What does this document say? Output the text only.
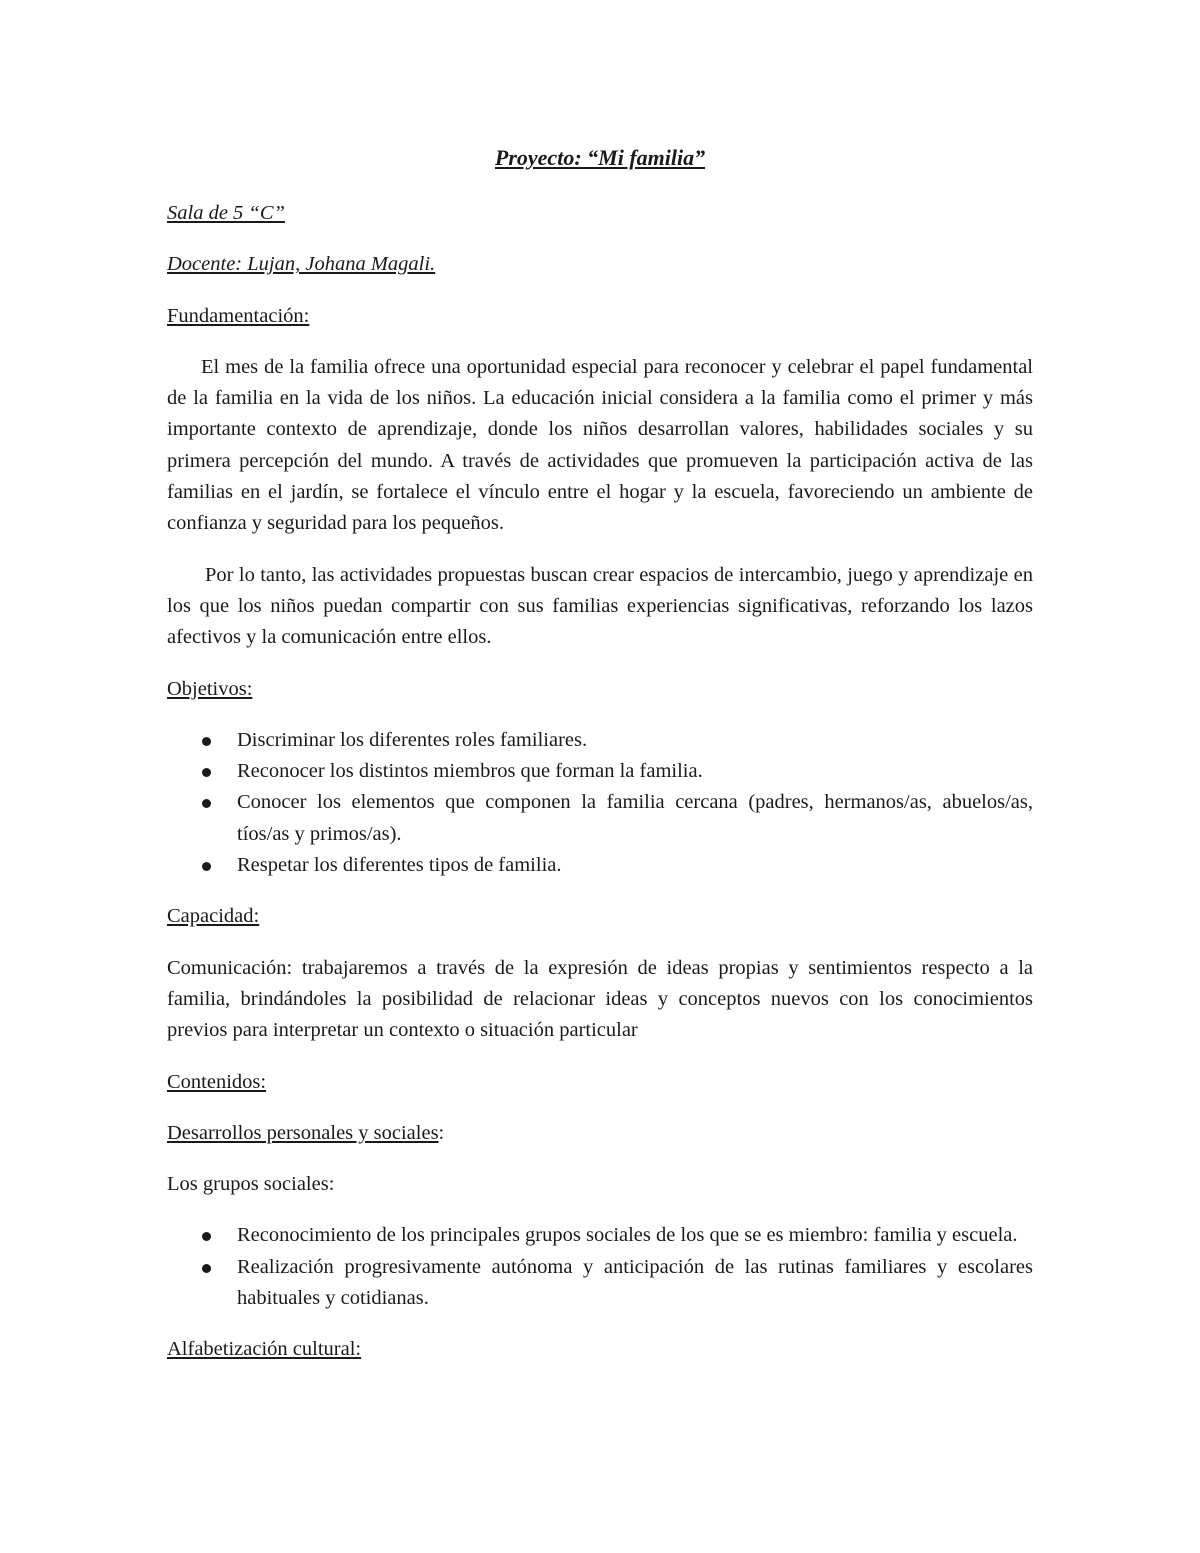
Proyecto: “Mi familia”
Sala de 5 “C”
Docente: Lujan, Johana Magali.
Fundamentación:

El mes de la familia ofrece una oportunidad especial para reconocer y celebrar el papel fundamental de la familia en la vida de los niños. La educación inicial considera a la familia como el primer y más importante contexto de aprendizaje, donde los niños desarrollan valores, habilidades sociales y su primera percepción del mundo. A través de actividades que promueven la participación activa de las familias en el jardín, se fortalece el vínculo entre el hogar y la escuela, favoreciendo un ambiente de confianza y seguridad para los pequeños.

Por lo tanto, las actividades propuestas buscan crear espacios de intercambio, juego y aprendizaje en los que los niños puedan compartir con sus familias experiencias significativas, reforzando los lazos afectivos y la comunicación entre ellos.

Objetivos:
Discriminar los diferentes roles familiares.
Reconocer los distintos miembros que forman la familia.
Conocer los elementos que componen la familia cercana (padres, hermanos/as, abuelos/as, tíos/as y primos/as).
Respetar los diferentes tipos de familia.
Capacidad:

Comunicación: trabajaremos a través de la expresión de ideas propias y sentimientos respecto a la familia, brindándoles la posibilidad de relacionar ideas y conceptos nuevos con los conocimientos previos para interpretar un contexto o situación particular

Contenidos:
Desarrollos personales y sociales:
Los grupos sociales:
Reconocimiento de los principales grupos sociales de los que se es miembro: familia y escuela.
Realización progresivamente autónoma y anticipación de las rutinas familiares y escolares habituales y cotidianas.
Alfabetización cultural:
